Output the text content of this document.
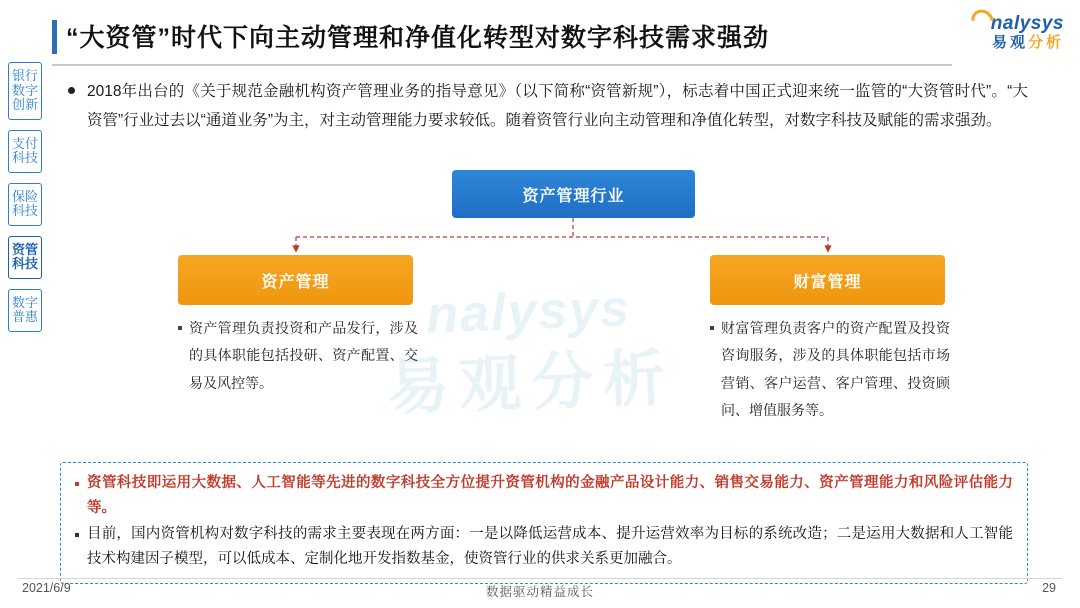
nalysys
易观分析
银行数字创新
支付科技
保险科技
资管科技
数字普惠
“大资管”时代下向主动管理和净值化转型对数字科技需求强劲
nalysys
易观分析
2018年出台的《关于规范金融机构资产管理业务的指导意见》（以下简称“资管新规”），标志着中国正式迎来统一监管的“大资管时代”。“大资管”行业过去以“通道业务”为主，对主动管理能力要求较低。随着资管行业向主动管理和净值化转型，对数字科技及赋能的需求强劲。
资产管理行业
资产管理	财富管理
资产管理负责投资和产品发行，涉及的具体职能包括投研、资产配置、交易及风控等。
财富管理负责客户的资产配置及投资咨询服务，涉及的具体职能包括市场营销、客户运营、客户管理、投资顾问、增值服务等。
资管科技即运用大数据、人工智能等先进的数字科技全方位提升资管机构的金融产品设计能力、销售交易能力、资产管理能力和风险评估能力等。
目前，国内资管机构对数字科技的需求主要表现在两方面：一是以降低运营成本、提升运营效率为目标的系统改造；二是运用大数据和人工智能技术构建因子模型，可以低成本、定制化地开发指数基金，使资管行业的供求关系更加融合。
2021/6/9	数据驱动精益成长	29
